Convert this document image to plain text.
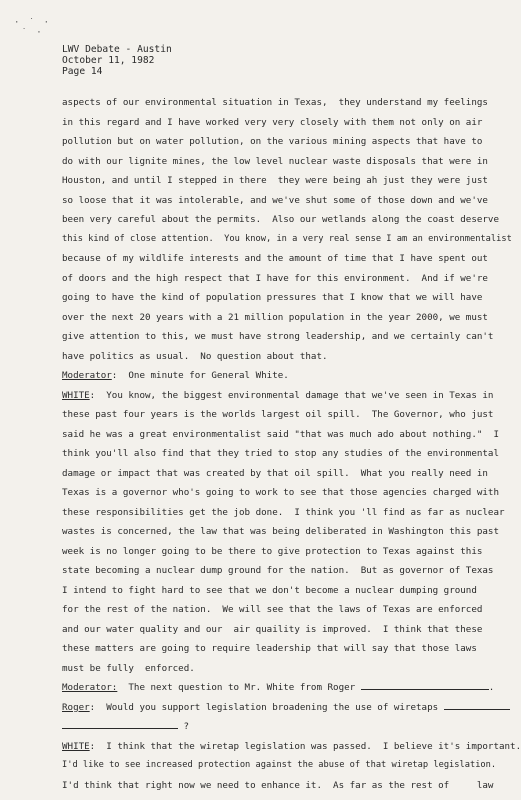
· ˙ ·
˙ ·
LWV Debate - Austin
October 11, 1982
Page 14
aspects of our environmental situation in Texas,  they understand my feelings
in this regard and I have worked very very closely with them not only on air
pollution but on water pollution, on the various mining aspects that have to
do with our lignite mines, the low level nuclear waste disposals that were in
Houston, and until I stepped in there  they were being ah just they were just
so loose that it was intolerable, and we've shut some of those down and we've
been very careful about the permits.  Also our wetlands along the coast deserve
this kind of close attention.  You know, in a very real sense I am an environmentalist
because of my wildlife interests and the amount of time that I have spent out
of doors and the high respect that I have for this environment.  And if we're
going to have the kind of population pressures that I know that we will have
over the next 20 years with a 21 million population in the year 2000, we must
give attention to this, we must have strong leadership, and we certainly can't
have politics as usual.  No question about that.
Moderator:  One minute for General White.
WHITE:  You know, the biggest environmental damage that we've seen in Texas in
these past four years is the worlds largest oil spill.  The Governor, who just
said he was a great environmentalist said "that was much ado about nothing."  I
think you'll also find that they tried to stop any studies of the environmental
damage or impact that was created by that oil spill.  What you really need in
Texas is a governor who's going to work to see that those agencies charged with
these responsibilities get the job done.  I think you 'll find as far as nuclear
wastes is concerned, the law that was being deliberated in Washington this past
week is no longer going to be there to give protection to Texas against this
state becoming a nuclear dump ground for the nation.  But as governor of Texas
I intend to fight hard to see that we don't become a nuclear dumping ground
for the rest of the nation.  We will see that the laws of Texas are enforced
and our water quality and our  air quaility is improved.  I think that these
these matters are going to require leadership that will say that those laws
must be fully  enforced.
Moderator:  The next question to Mr. White from Roger	.
Roger:  Would you support legislation broadening the use of wiretaps
?
WHITE:  I think that the wiretap legislation was passed.  I believe it's important.
I'd like to see increased protection against the abuse of that wiretap legislation.
I'd think that right now we need to enhance it.  As far as the rest of     law
